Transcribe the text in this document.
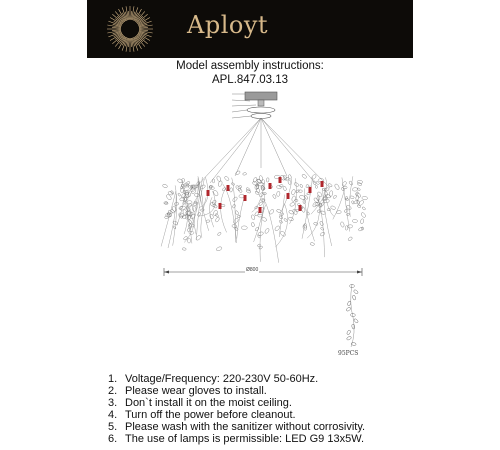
Aployt
Model assembly instructions:
APL.847.03.13
Ø800
95PCS
1. Voltage/Frequency: 220-230V 50-60Hz.
2. Please wear gloves to install.
3. Don`t install it on the moist ceiling.
4. Turn off the power before cleanout.
5. Please wash with the sanitizer without corrosivity.
6. The use of lamps is permissible: LED G9 13x5W.
